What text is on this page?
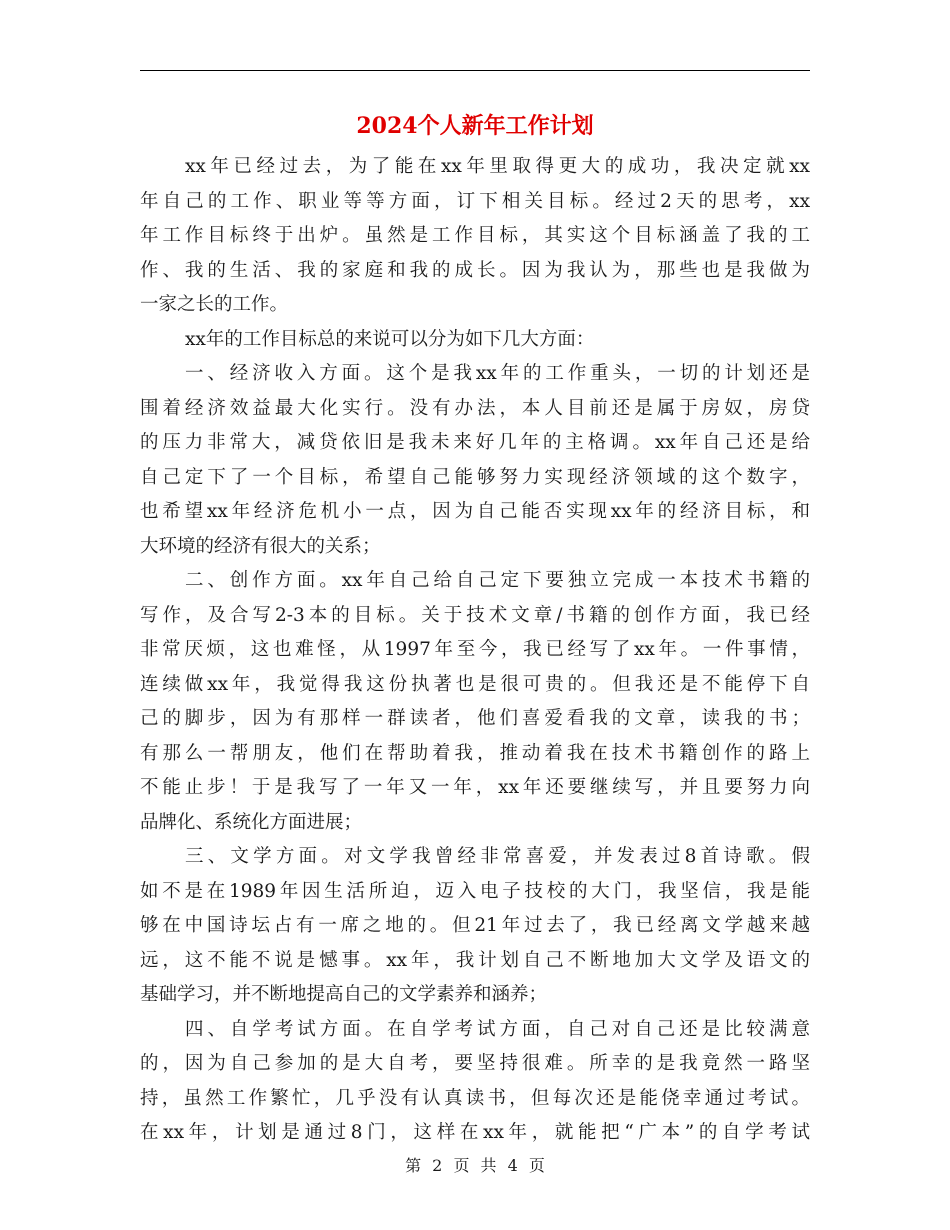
2024个人新年工作计划
xx年已经过去，为了能在xx年里取得更大的成功，我决定就xx
年自己的工作、职业等等方面，订下相关目标。经过2天的思考，xx
年工作目标终于出炉。虽然是工作目标，其实这个目标涵盖了我的工
作、我的生活、我的家庭和我的成长。因为我认为，那些也是我做为
一家之长的工作。
xx年的工作目标总的来说可以分为如下几大方面：
一、经济收入方面。这个是我xx年的工作重头，一切的计划还是
围着经济效益最大化实行。没有办法，本人目前还是属于房奴，房贷
的压力非常大，减贷依旧是我未来好几年的主格调。xx年自己还是给
自己定下了一个目标，希望自己能够努力实现经济领域的这个数字，
也希望xx年经济危机小一点，因为自己能否实现xx年的经济目标，和
大环境的经济有很大的关系；
二、创作方面。xx年自己给自己定下要独立完成一本技术书籍的
写作，及合写2-3本的目标。关于技术文章/书籍的创作方面，我已经
非常厌烦，这也难怪，从1997年至今，我已经写了xx年。一件事情，
连续做xx年，我觉得我这份执著也是很可贵的。但我还是不能停下自
己的脚步，因为有那样一群读者，他们喜爱看我的文章，读我的书；
有那么一帮朋友，他们在帮助着我，推动着我在技术书籍创作的路上
不能止步！于是我写了一年又一年，xx年还要继续写，并且要努力向
品牌化、系统化方面进展；
三、文学方面。对文学我曾经非常喜爱，并发表过8首诗歌。假
如不是在1989年因生活所迫，迈入电子技校的大门，我坚信，我是能
够在中国诗坛占有一席之地的。但21年过去了，我已经离文学越来越
远，这不能不说是憾事。xx年，我计划自己不断地加大文学及语文的
基础学习，并不断地提高自己的文学素养和涵养；
四、自学考试方面。在自学考试方面，自己对自己还是比较满意
的，因为自己参加的是大自考，要坚持很难。所幸的是我竟然一路坚
持，虽然工作繁忙，几乎没有认真读书，但每次还是能侥幸通过考试。
在xx年，计划是通过8门，这样在xx年，就能把“广本”的自学考试
第 2 页 共 4 页
